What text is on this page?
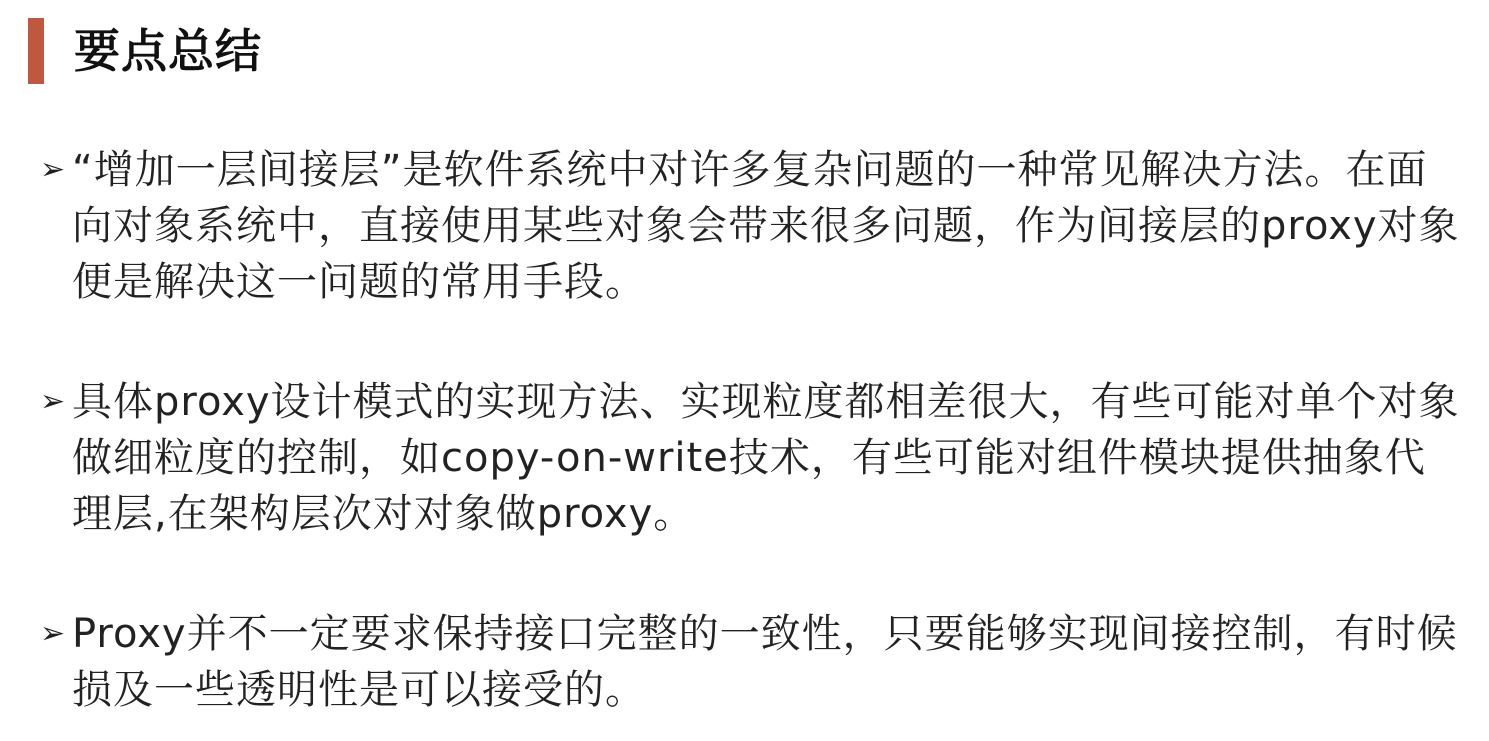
要点总结
➢ “增加一层间接层”是软件系统中对许多复杂问题的一种常见解决方法。在面向对象系统中，直接使用某些对象会带来很多问题，作为间接层的proxy对象便是解决这一问题的常用手段。
➢ 具体proxy设计模式的实现方法、实现粒度都相差很大，有些可能对单个对象做细粒度的控制，如copy-on-write技术，有些可能对组件模块提供抽象代理层,在架构层次对对象做proxy。
➢ Proxy并不一定要求保持接口完整的一致性，只要能够实现间接控制，有时候损及一些透明性是可以接受的。
